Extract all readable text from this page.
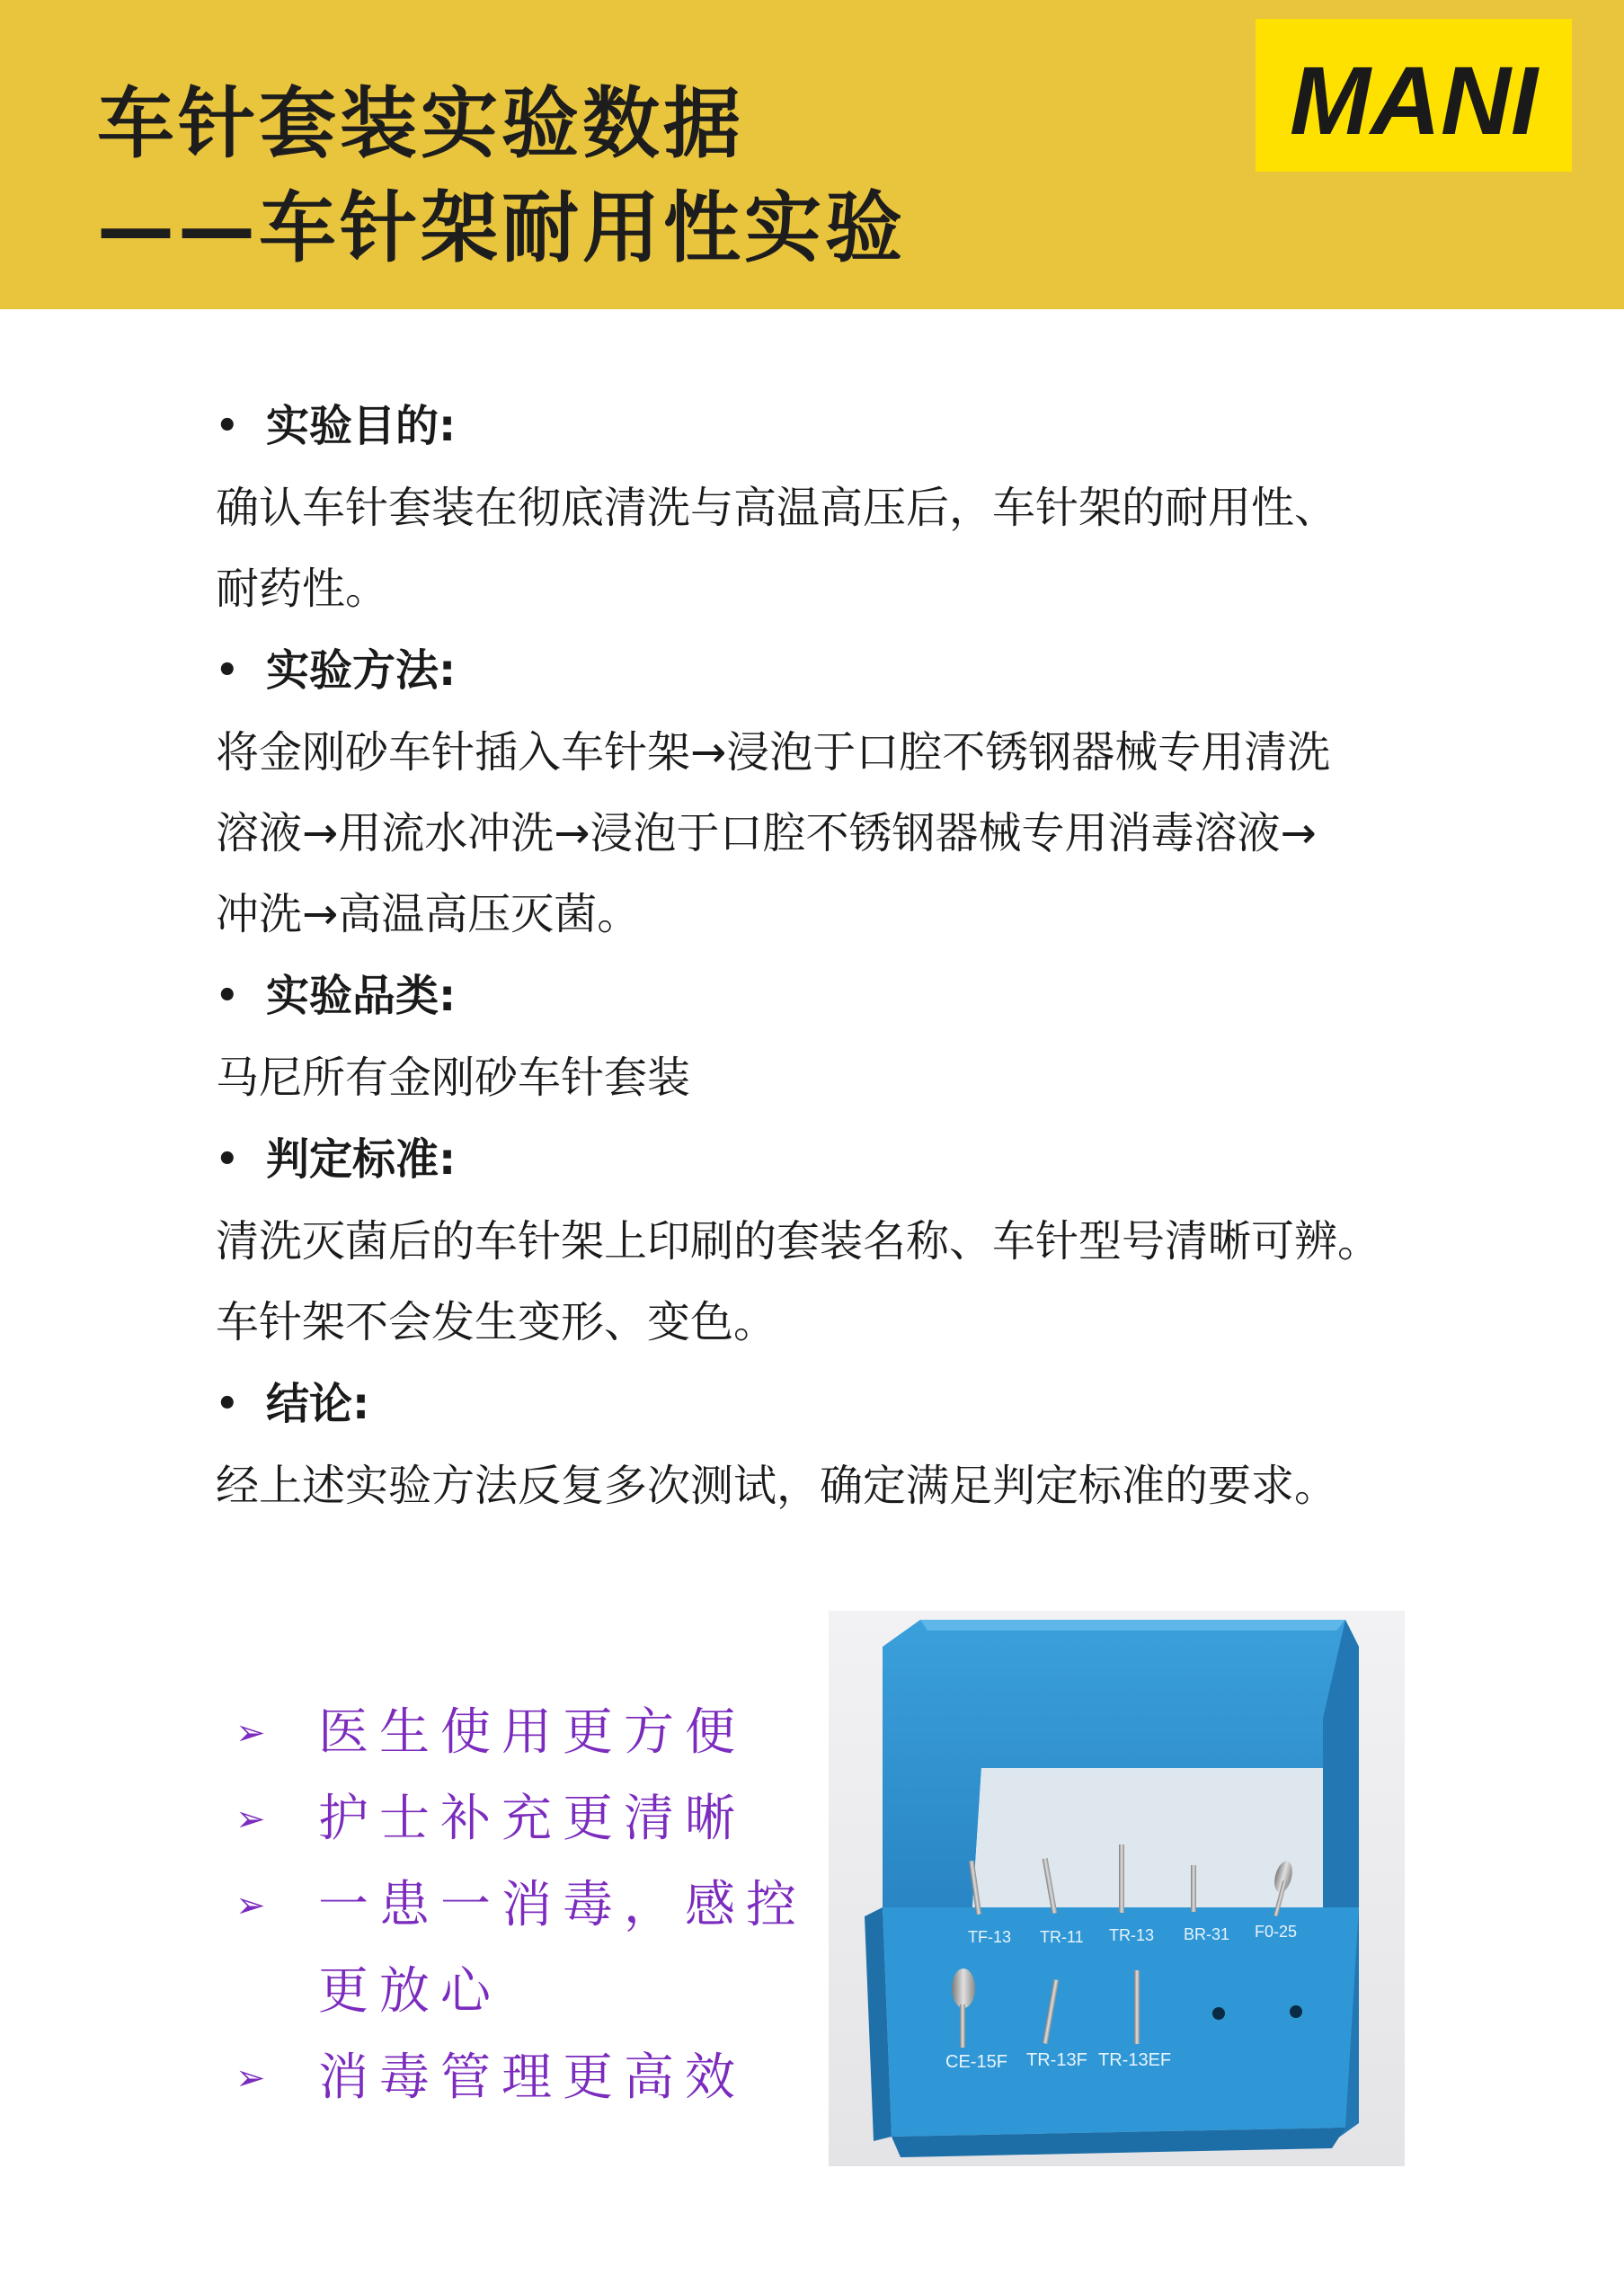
车针套装实验数据
——车针架耐用性实验
MANI
• 实验目的:
确认车针套装在彻底清洗与高温高压后，车针架的耐用性、
耐药性。
• 实验方法:
将金刚砂车针插入车针架→浸泡于口腔不锈钢器械专用清洗
溶液→用流水冲洗→浸泡于口腔不锈钢器械专用消毒溶液→
冲洗→高温高压灭菌。
• 实验品类:
马尼所有金刚砂车针套装
• 判定标准:
清洗灭菌后的车针架上印刷的套装名称、车针型号清晰可辨。
车针架不会发生变形、变色。
• 结论:
经上述实验方法反复多次测试，确定满足判定标准的要求。
➢ 医生使用更方便
➢ 护士补充更清晰
➢ 一患一消毒，感控
更放心
➢ 消毒管理更高效
TF-13 TR-11 TR-13 BR-31 F0-25
CE-15F TR-13F TR-13EF
